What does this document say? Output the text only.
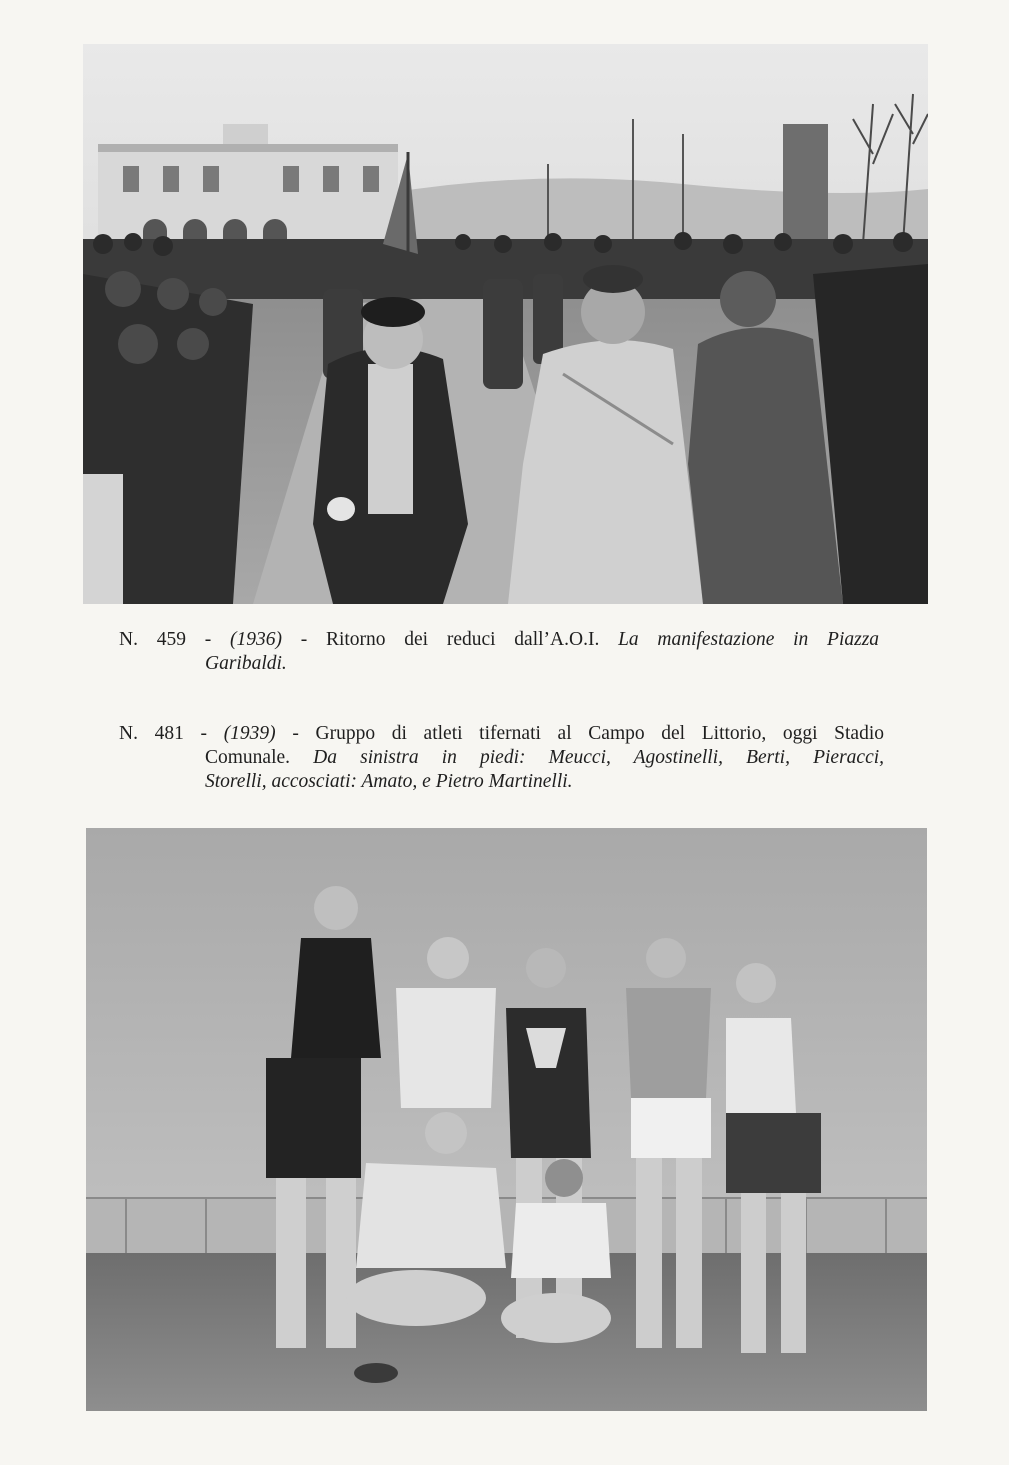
N. 459 - (1936) - Ritorno dei reduci dall’A.O.I. La manifestazione in Piazza
Garibaldi.
N. 481 - (1939) - Gruppo di atleti tifernati al Campo del Littorio, oggi Stadio
Comunale. Da sinistra in piedi: Meucci, Agostinelli, Berti, Pieracci,
Storelli, accosciati: Amato, e Pietro Martinelli.
